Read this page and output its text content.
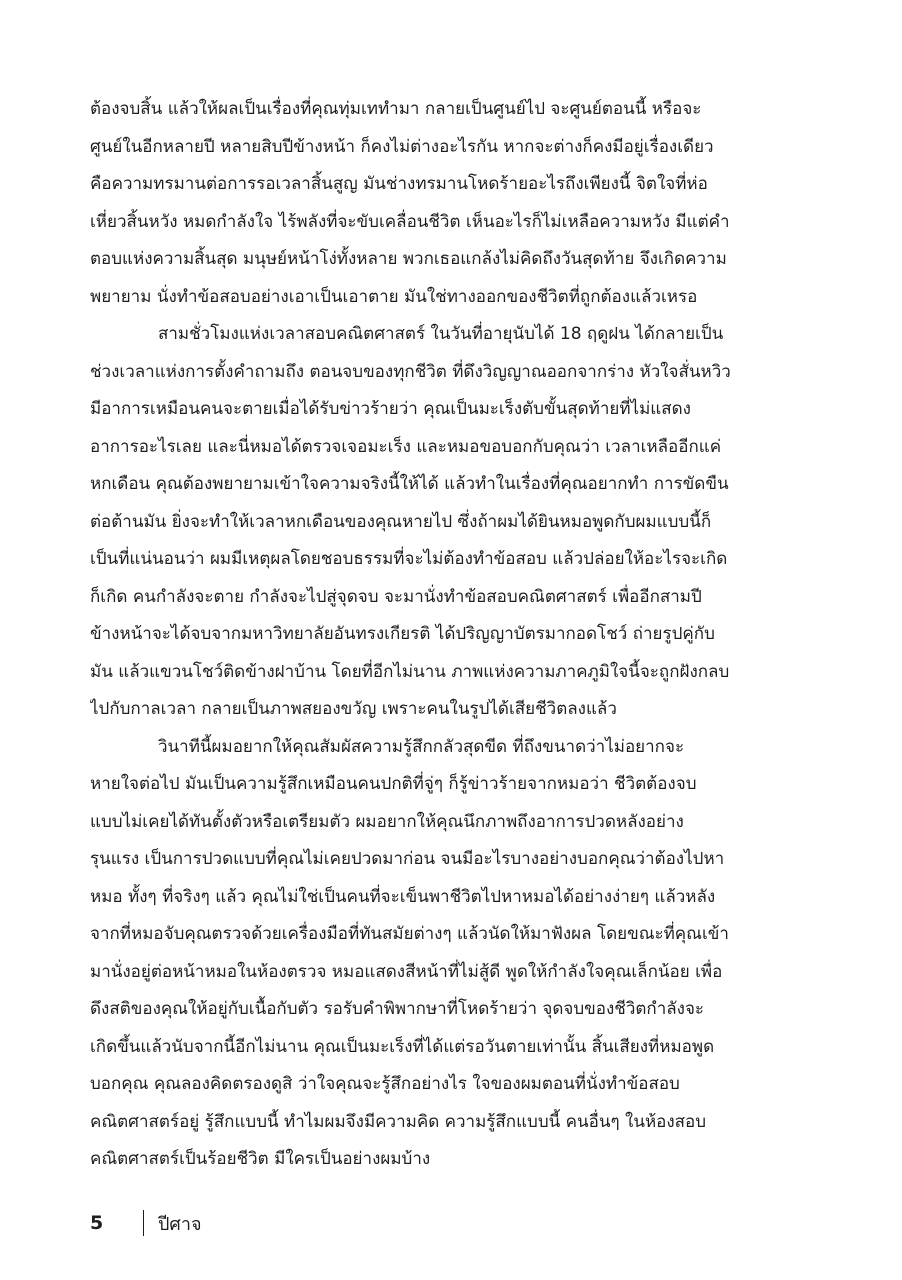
ต้องจบสิ้น แล้วให้ผลเป็นเรื่องที่คุณทุ่มเททำมา กลายเป็นศูนย์ไป จะศูนย์ตอนนี้ หรือจะ
ศูนย์ในอีกหลายปี หลายสิบปีข้างหน้า ก็คงไม่ต่างอะไรกัน หากจะต่างก็คงมีอยู่เรื่องเดียว
คือความทรมานต่อการรอเวลาสิ้นสูญ มันช่างทรมานโหดร้ายอะไรถึงเพียงนี้ จิตใจที่ห่อ
เหี่ยวสิ้นหวัง หมดกำลังใจ ไร้พลังที่จะขับเคลื่อนชีวิต เห็นอะไรก็ไม่เหลือความหวัง มีแต่คำ
ตอบแห่งความสิ้นสุด มนุษย์หน้าโง่ทั้งหลาย พวกเธอแกล้งไม่คิดถึงวันสุดท้าย จึงเกิดความ
พยายาม นั่งทำข้อสอบอย่างเอาเป็นเอาตาย มันใช่ทางออกของชีวิตที่ถูกต้องแล้วเหรอ
สามชั่วโมงแห่งเวลาสอบคณิตศาสตร์ ในวันที่อายุนับได้ 18 ฤดูฝน ได้กลายเป็น
ช่วงเวลาแห่งการตั้งคำถามถึง ตอนจบของทุกชีวิต ที่ดึงวิญญาณออกจากร่าง หัวใจสั่นหวิว
มีอาการเหมือนคนจะตายเมื่อได้รับข่าวร้ายว่า คุณเป็นมะเร็งตับขั้นสุดท้ายที่ไม่แสดง
อาการอะไรเลย และนี่หมอได้ตรวจเจอมะเร็ง และหมอขอบอกกับคุณว่า เวลาเหลืออีกแค่
หกเดือน คุณต้องพยายามเข้าใจความจริงนี้ให้ได้ แล้วทำในเรื่องที่คุณอยากทำ การขัดขืน
ต่อต้านมัน ยิ่งจะทำให้เวลาหกเดือนของคุณหายไป ซึ่งถ้าผมได้ยินหมอพูดกับผมแบบนี้ก็
เป็นที่แน่นอนว่า ผมมีเหตุผลโดยชอบธรรมที่จะไม่ต้องทำข้อสอบ แล้วปล่อยให้อะไรจะเกิด
ก็เกิด คนกำลังจะตาย กำลังจะไปสู่จุดจบ จะมานั่งทำข้อสอบคณิตศาสตร์ เพื่ออีกสามปี
ข้างหน้าจะได้จบจากมหาวิทยาลัยอันทรงเกียรติ ได้ปริญญาบัตรมากอดโชว์ ถ่ายรูปคู่กับ
มัน แล้วแขวนโชว์ติดข้างฝาบ้าน โดยที่อีกไม่นาน ภาพแห่งความภาคภูมิใจนี้จะถูกฝังกลบ
ไปกับกาลเวลา กลายเป็นภาพสยองขวัญ เพราะคนในรูปได้เสียชีวิตลงแล้ว
วินาทีนี้ผมอยากให้คุณสัมผัสความรู้สึกกลัวสุดขีด ที่ถึงขนาดว่าไม่อยากจะ
หายใจต่อไป มันเป็นความรู้สึกเหมือนคนปกติที่จู่ๆ ก็รู้ข่าวร้ายจากหมอว่า ชีวิตต้องจบ
แบบไม่เคยได้ทันตั้งตัวหรือเตรียมตัว ผมอยากให้คุณนึกภาพถึงอาการปวดหลังอย่าง
รุนแรง เป็นการปวดแบบที่คุณไม่เคยปวดมาก่อน จนมีอะไรบางอย่างบอกคุณว่าต้องไปหา
หมอ ทั้งๆ ที่จริงๆ แล้ว คุณไม่ใช่เป็นคนที่จะเข็นพาชีวิตไปหาหมอได้อย่างง่ายๆ แล้วหลัง
จากที่หมอจับคุณตรวจด้วยเครื่องมือที่ทันสมัยต่างๆ แล้วนัดให้มาฟังผล โดยขณะที่คุณเข้า
มานั่งอยู่ต่อหน้าหมอในห้องตรวจ หมอแสดงสีหน้าที่ไม่สู้ดี พูดให้กำลังใจคุณเล็กน้อย เพื่อ
ดึงสติของคุณให้อยู่กับเนื้อกับตัว รอรับคำพิพากษาที่โหดร้ายว่า จุดจบของชีวิตกำลังจะ
เกิดขึ้นแล้วนับจากนี้อีกไม่นาน คุณเป็นมะเร็งที่ได้แต่รอวันตายเท่านั้น สิ้นเสียงที่หมอพูด
บอกคุณ คุณลองคิดตรองดูสิ ว่าใจคุณจะรู้สึกอย่างไร ใจของผมตอนที่นั่งทำข้อสอบ
คณิตศาสตร์อยู่ รู้สึกแบบนี้ ทำไมผมจึงมีความคิด ความรู้สึกแบบนี้ คนอื่นๆ ในห้องสอบ
คณิตศาสตร์เป็นร้อยชีวิต มีใครเป็นอย่างผมบ้าง
5	ปีศาจ
